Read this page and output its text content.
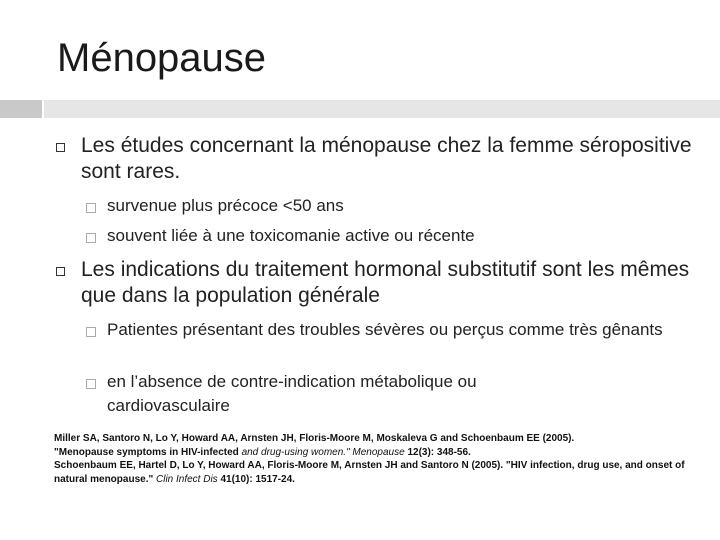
Ménopause

Les études concernant la ménopause chez la femme séropositive sont rares.

survenue plus précoce <50 ans

souvent liée à une toxicomanie active ou récente

Les indications du traitement hormonal substitutif sont les mêmes que dans la population générale

Patientes présentant des troubles sévères ou perçus comme très gênants

en l’absence de contre-indication métabolique ou cardiovasculaire

Miller SA, Santoro N, Lo Y, Howard AA, Arnsten JH, Floris-Moore M, Moskaleva G and Schoenbaum EE (2005).
"Menopause symptoms in HIV-infected and drug-using women." Menopause 12(3): 348-56.

Schoenbaum EE, Hartel D, Lo Y, Howard AA, Floris-Moore M, Arnsten JH and Santoro N (2005). "HIV infection, drug use, and onset of natural menopause." Clin Infect Dis 41(10): 1517-24.
